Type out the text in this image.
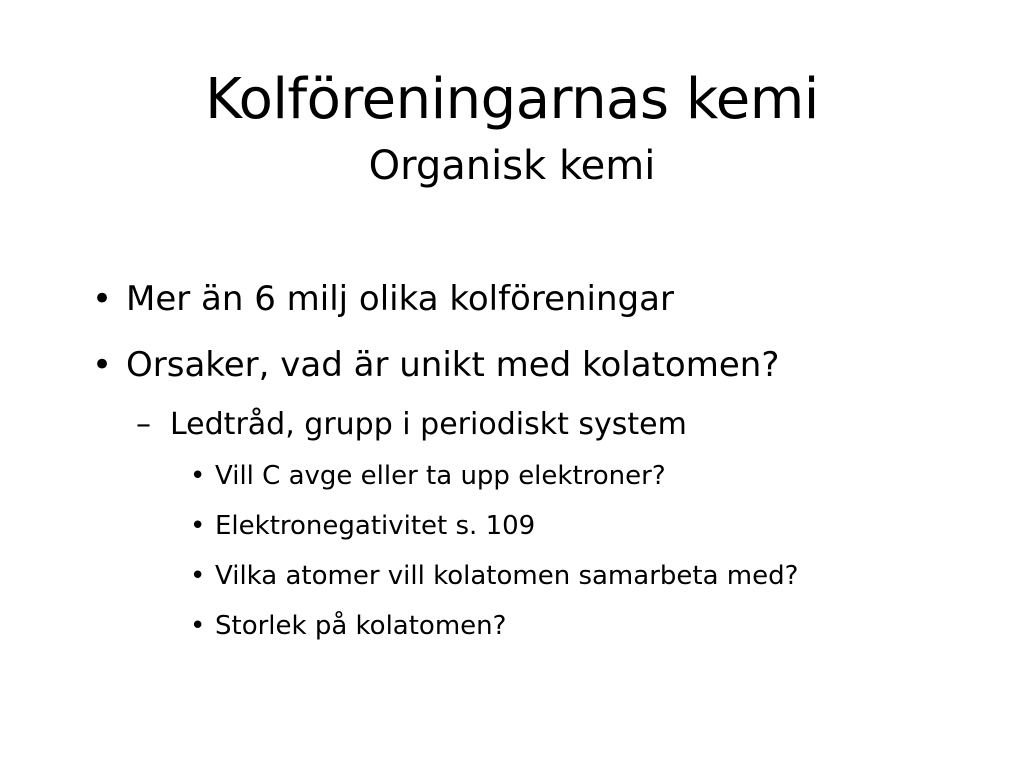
Kolföreningarnas kemi
Organisk kemi
• Mer än 6 milj olika kolföreningar
• Orsaker, vad är unikt med kolatomen?
– Ledtråd, grupp i periodiskt system
• Vill C avge eller ta upp elektroner?
• Elektronegativitet s. 109
• Vilka atomer vill kolatomen samarbeta med?
• Storlek på kolatomen?
